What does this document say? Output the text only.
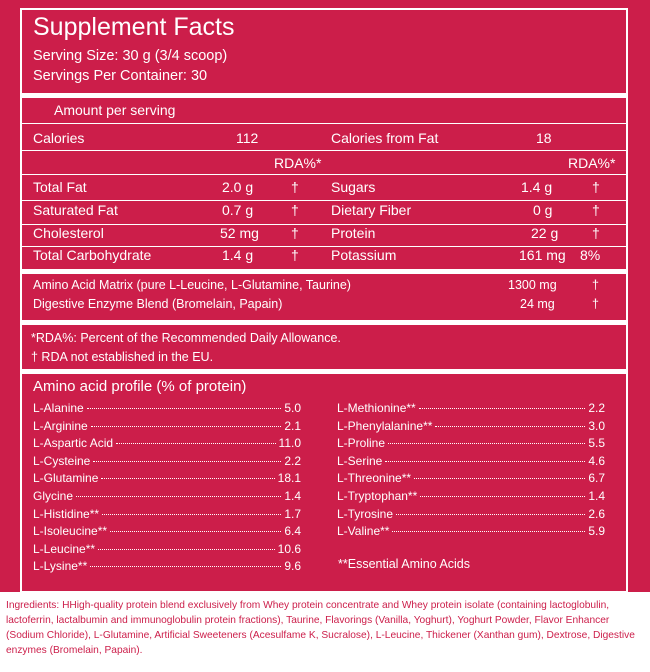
Supplement Facts
Serving Size: 30 g (3/4 scoop)
Servings Per Container: 30
Amount per serving
Calories	112	Calories from Fat	18
RDA%*	RDA%*
Total Fat	2.0 g	† Sugars	1.4 g	†
Saturated Fat	0.7 g	† Dietary Fiber	0 g	†
Cholesterol	52 mg † Protein	22 g †
Total Carbohydrate	1.4 g	† Potassium	161 mg 8%
Amino Acid Matrix (pure L-Leucine, L-Glutamine, Taurine)	1300 mg	†
Digestive Enzyme Blend (Bromelain, Papain)	24 mg	†
*RDA%: Percent of the Recommended Daily Allowance.
† RDA not established in the EU.
Amino acid profile (% of protein)
L-Alanine	5.0
L-Arginine	2.1
L-Aspartic Acid	11.0
L-Cysteine	2.2
L-Glutamine	18.1
Glycine	1.4
L-Histidine**	1.7
L-Isoleucine**	6.4
L-Leucine**	10.6
L-Lysine**	9.6
L-Methionine**	2.2
L-Phenylalanine**	3.0
L-Proline	5.5
L-Serine	4.6
L-Threonine**	6.7
L-Tryptophan**	1.4
L-Tyrosine	2.6
L-Valine**	5.9
**Essential Amino Acids

Ingredients: HHigh-quality protein blend exclusively from Whey protein concentrate and Whey protein isolate (containing lactoglobulin, lactoferrin, lactalbumin and immunoglobulin protein fractions), Taurine, Flavorings (Vanilla, Yoghurt), Yoghurt Powder, Flavor Enhancer (Sodium Chloride), L-Glutamine, Artificial Sweeteners (Acesulfame K, Sucralose), L-Leucine, Thickener (Xanthan gum), Dextrose, Digestive enzymes (Bromelain, Papain).
